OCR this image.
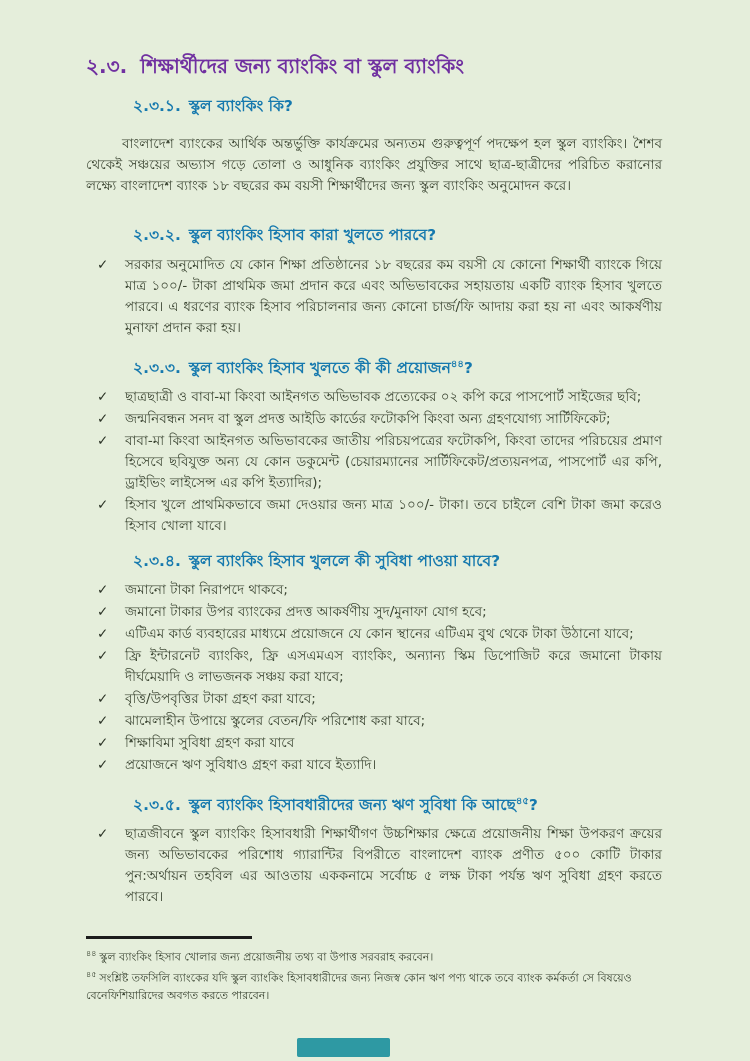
২.৩. শিক্ষার্থীদের জন্য ব্যাংকিং বা স্কুল ব্যাংকিং
২.৩.১. স্কুল ব্যাংকিং কি?
বাংলাদেশ ব্যাংকের আর্থিক অন্তর্ভুক্তি কার্যক্রমের অন্যতম গুরুত্বপূর্ণ পদক্ষেপ হল স্কুল ব্যাংকিং। শৈশব থেকেই সঞ্চয়ের অভ্যাস গড়ে তোলা ও আধুনিক ব্যাংকিং প্রযুক্তির সাথে ছাত্র-ছাত্রীদের পরিচিত করানোর লক্ষ্যে বাংলাদেশ ব্যাংক ১৮ বছরের কম বয়সী শিক্ষার্থীদের জন্য স্কুল ব্যাংকিং অনুমোদন করে।
২.৩.২. স্কুল ব্যাংকিং হিসাব কারা খুলতে পারবে?
✓ সরকার অনুমোদিত যে কোন শিক্ষা প্রতিষ্ঠানের ১৮ বছরের কম বয়সী যে কোনো শিক্ষার্থী ব্যাংকে গিয়ে মাত্র ১০০/- টাকা প্রাথমিক জমা প্রদান করে এবং অভিভাবকের সহায়তায় একটি ব্যাংক হিসাব খুলতে পারবে। এ ধরণের ব্যাংক হিসাব পরিচালনার জন্য কোনো চার্জ/ফি আদায় করা হয় না এবং আকর্ষণীয় মুনাফা প্রদান করা হয়।
২.৩.৩. স্কুল ব্যাংকিং হিসাব খুলতে কী কী প্রয়োজন$^{৪৪}$?
✓ ছাত্রছাত্রী ও বাবা-মা কিংবা আইনগত অভিভাবক প্রত্যেকের ০২ কপি করে পাসপোর্ট সাইজের ছবি;
✓ জন্মনিবন্ধন সনদ বা স্কুল প্রদত্ত আইডি কার্ডের ফটোকপি কিংবা অন্য গ্রহণযোগ্য সার্টিফিকেট;
✓ বাবা-মা কিংবা আইনগত অভিভাবকের জাতীয় পরিচয়পত্রের ফটোকপি, কিংবা তাদের পরিচয়ের প্রমাণ হিসেবে ছবিযুক্ত অন্য যে কোন ডকুমেন্ট (চেয়ারম্যানের সার্টিফিকেট/প্রত্যয়নপত্র, পাসপোর্ট এর কপি, ড্রাইভিং লাইসেন্স এর কপি ইত্যাদির);
✓ হিসাব খুলে প্রাথমিকভাবে জমা দেওয়ার জন্য মাত্র ১০০/- টাকা। তবে চাইলে বেশি টাকা জমা করেও হিসাব খোলা যাবে।
২.৩.৪. স্কুল ব্যাংকিং হিসাব খুললে কী সুবিধা পাওয়া যাবে?
✓ জমানো টাকা নিরাপদে থাকবে;
✓ জমানো টাকার উপর ব্যাংকের প্রদত্ত আকর্ষণীয় সুদ/মুনাফা যোগ হবে;
✓ এটিএম কার্ড ব্যবহারের মাধ্যমে প্রয়োজনে যে কোন স্থানের এটিএম বুথ থেকে টাকা উঠানো যাবে;
✓ ফ্রি ইন্টারনেট ব্যাংকিং, ফ্রি এসএমএস ব্যাংকিং, অন্যান্য স্কিম ডিপোজিট করে জমানো টাকায় দীর্ঘমেয়াদি ও লাভজনক সঞ্চয় করা যাবে;
✓ বৃত্তি/উপবৃত্তির টাকা গ্রহণ করা যাবে;
✓ ঝামেলাহীন উপায়ে স্কুলের বেতন/ফি পরিশোধ করা যাবে;
✓ শিক্ষাবিমা সুবিধা গ্রহণ করা যাবে
✓ প্রয়োজনে ঋণ সুবিধাও গ্রহণ করা যাবে ইত্যাদি।
২.৩.৫. স্কুল ব্যাংকিং হিসাবধারীদের জন্য ঋণ সুবিধা কি আছে$^{৪৫}$?
✓ ছাত্রজীবনে স্কুল ব্যাংকিং হিসাবধারী শিক্ষার্থীগণ উচ্চশিক্ষার ক্ষেত্রে প্রয়োজনীয় শিক্ষা উপকরণ ক্রয়ের জন্য অভিভাবকের পরিশোধ গ্যারান্টির বিপরীতে বাংলাদেশ ব্যাংক প্রণীত ৫০০ কোটি টাকার পুন:অর্থায়ন তহবিল এর আওতায় এককনামে সর্বোচ্চ ৫ লক্ষ টাকা পর্যন্ত ঋণ সুবিধা গ্রহণ করতে পারবে।
$^{৪৪}$ স্কুল ব্যাংকিং হিসাব খোলার জন্য প্রয়োজনীয় তথ্য বা উপাত্ত সরবরাহ করবেন।
$^{৪৫}$ সংশ্লিষ্ট তফসিলি ব্যাংকের যদি স্কুল ব্যাংকিং হিসাবধারীদের জন্য নিজস্ব কোন ঋণ পণ্য থাকে তবে ব্যাংক কর্মকর্তা সে বিষয়েও বেনেফিশিয়ারিদের অবগত করতে পারবেন।
